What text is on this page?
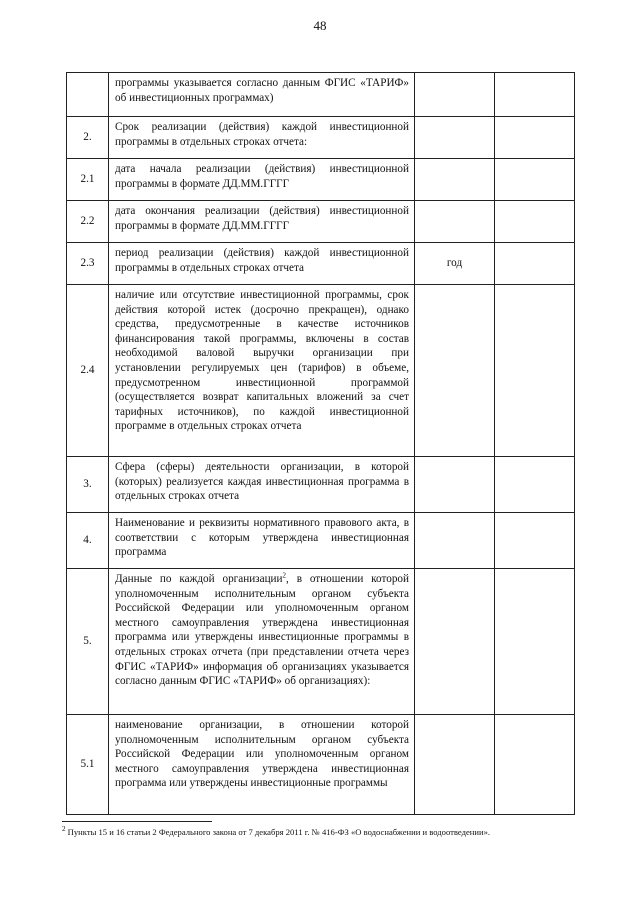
48
	программы указывается согласно данным ФГИС «ТАРИФ» об инвестиционных программах)		
2.	Срок реализации (действия) каждой инвестиционной программы в отдельных строках отчета:		
2.1	дата начала реализации (действия) инвестиционной программы в формате ДД.ММ.ГГГГ		
2.2	дата окончания реализации (действия) инвестиционной программы в формате ДД.ММ.ГГГГ		
2.3	период реализации (действия) каждой инвестиционной программы в отдельных строках отчета	год	
2.4	наличие или отсутствие инвестиционной программы, срок действия которой истек (досрочно прекращен), однако средства, предусмотренные в качестве источников финансирования такой программы, включены в состав необходимой валовой выручки организации при установлении регулируемых цен (тарифов) в объеме, предусмотренном инвестиционной программой (осуществляется возврат капитальных вложений за счет тарифных источников), по каждой инвестиционной программе в отдельных строках отчета		
3.	Сфера (сферы) деятельности организации, в которой (которых) реализуется каждая инвестиционная программа в отдельных строках отчета		
4.	Наименование и реквизиты нормативного правового акта, в соответствии с которым утверждена инвестиционная программа		
5.	Данные по каждой организации$^2$, в отношении которой уполномоченным исполнительным органом субъекта Российской Федерации или уполномоченным органом местного самоуправления утверждена инвестиционная программа или утверждены инвестиционные программы в отдельных строках отчета (при представлении отчета через ФГИС «ТАРИФ» информация об организациях указывается согласно данным ФГИС «ТАРИФ» об организациях):		
5.1	наименование организации, в отношении которой уполномоченным исполнительным органом субъекта Российской Федерации или уполномоченным органом местного самоуправления утверждена инвестиционная программа или утверждены инвестиционные программы		
$^2$ Пункты 15 и 16 статьи 2 Федерального закона от 7 декабря 2011 г. № 416-ФЗ «О водоснабжении и водоотведении».
